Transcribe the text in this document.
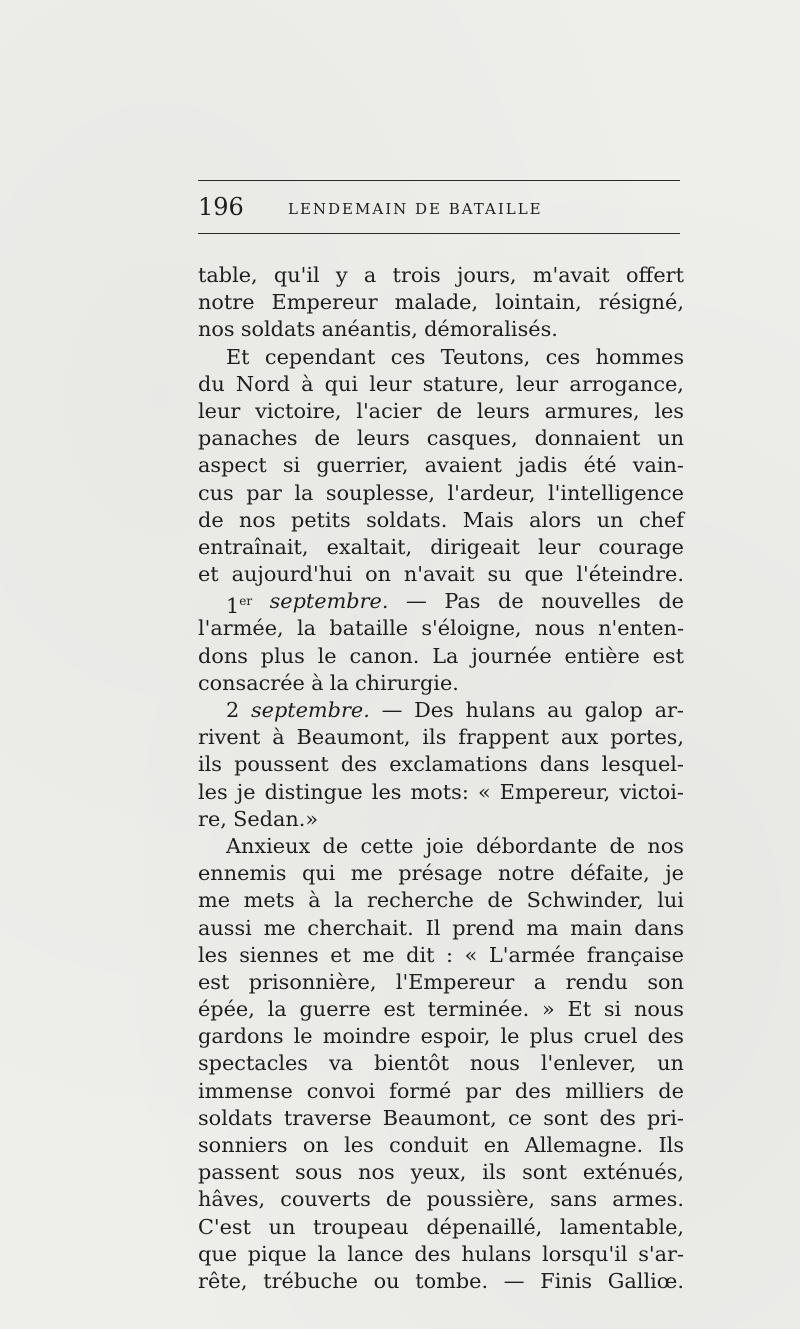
196	LENDEMAIN DE BATAILLE
table, qu'il y a trois jours, m'avait offert
notre Empereur malade, lointain, résigné,
nos soldats anéantis, démoralisés.
Et cependant ces Teutons, ces hommes
du Nord à qui leur stature, leur arrogance,
leur victoire, l'acier de leurs armures, les
panaches de leurs casques, donnaient un
aspect si guerrier, avaient jadis été vain-
cus par la souplesse, l'ardeur, l'intelligence
de nos petits soldats. Mais alors un chef
entraînait, exaltait, dirigeait leur courage
et aujourd'hui on n'avait su que l'éteindre.
1er septembre. — Pas de nouvelles de
l'armée, la bataille s'éloigne, nous n'enten-
dons plus le canon. La journée entière est
consacrée à la chirurgie.
2 septembre. — Des hulans au galop ar-
rivent à Beaumont, ils frappent aux portes,
ils poussent des exclamations dans lesquel-
les je distingue les mots: « Empereur, victoi-
re, Sedan.»
Anxieux de cette joie débordante de nos
ennemis qui me présage notre défaite, je
me mets à la recherche de Schwinder, lui
aussi me cherchait. Il prend ma main dans
les siennes et me dit : « L'armée française
est prisonnière, l'Empereur a rendu son
épée, la guerre est terminée. » Et si nous
gardons le moindre espoir, le plus cruel des
spectacles va bientôt nous l'enlever, un
immense convoi formé par des milliers de
soldats traverse Beaumont, ce sont des pri-
sonniers on les conduit en Allemagne. Ils
passent sous nos yeux, ils sont exténués,
hâves, couverts de poussière, sans armes.
C'est un troupeau dépenaillé, lamentable,
que pique la lance des hulans lorsqu'il s'ar-
rête, trébuche ou tombe. — Finis Galliœ.
